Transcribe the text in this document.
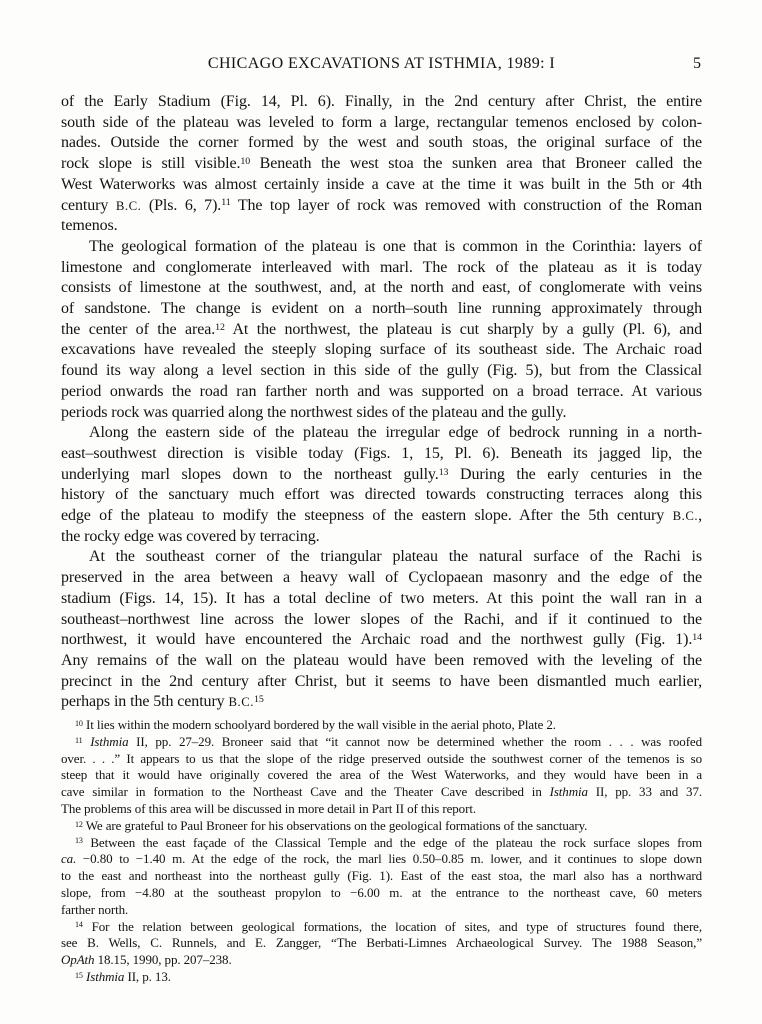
CHICAGO EXCAVATIONS AT ISTHMIA, 1989: I	5
of the Early Stadium (Fig. 14, Pl. 6). Finally, in the 2nd century after Christ, the entire
south side of the plateau was leveled to form a large, rectangular temenos enclosed by colon-
nades. Outside the corner formed by the west and south stoas, the original surface of the
rock slope is still visible.$^{10}$ Beneath the west stoa the sunken area that Broneer called the
West Waterworks was almost certainly inside a cave at the time it was built in the 5th or 4th
century B.C. (Pls. 6, 7).$^{11}$ The top layer of rock was removed with construction of the Roman
temenos.
The geological formation of the plateau is one that is common in the Corinthia: layers of
limestone and conglomerate interleaved with marl. The rock of the plateau as it is today
consists of limestone at the southwest, and, at the north and east, of conglomerate with veins
of sandstone. The change is evident on a north–south line running approximately through
the center of the area.$^{12}$ At the northwest, the plateau is cut sharply by a gully (Pl. 6), and
excavations have revealed the steeply sloping surface of its southeast side. The Archaic road
found its way along a level section in this side of the gully (Fig. 5), but from the Classical
period onwards the road ran farther north and was supported on a broad terrace. At various
periods rock was quarried along the northwest sides of the plateau and the gully.
Along the eastern side of the plateau the irregular edge of bedrock running in a north-
east–southwest direction is visible today (Figs. 1, 15, Pl. 6). Beneath its jagged lip, the
underlying marl slopes down to the northeast gully.$^{13}$ During the early centuries in the
history of the sanctuary much effort was directed towards constructing terraces along this
edge of the plateau to modify the steepness of the eastern slope. After the 5th century B.C.,
the rocky edge was covered by terracing.
At the southeast corner of the triangular plateau the natural surface of the Rachi is
preserved in the area between a heavy wall of Cyclopaean masonry and the edge of the
stadium (Figs. 14, 15). It has a total decline of two meters. At this point the wall ran in a
southeast–northwest line across the lower slopes of the Rachi, and if it continued to the
northwest, it would have encountered the Archaic road and the northwest gully (Fig. 1).$^{14}$
Any remains of the wall on the plateau would have been removed with the leveling of the
precinct in the 2nd century after Christ, but it seems to have been dismantled much earlier,
perhaps in the 5th century B.C.$^{15}$
$^{10}$ It lies within the modern schoolyard bordered by the wall visible in the aerial photo, Plate 2.
$^{11}$ Isthmia II, pp. 27–29. Broneer said that “it cannot now be determined whether the room . . . was roofed
over. . . .” It appears to us that the slope of the ridge preserved outside the southwest corner of the temenos is so
steep that it would have originally covered the area of the West Waterworks, and they would have been in a
cave similar in formation to the Northeast Cave and the Theater Cave described in Isthmia II, pp. 33 and 37.
The problems of this area will be discussed in more detail in Part II of this report.
$^{12}$ We are grateful to Paul Broneer for his observations on the geological formations of the sanctuary.
$^{13}$ Between the east façade of the Classical Temple and the edge of the plateau the rock surface slopes from
ca. −0.80 to −1.40 m. At the edge of the rock, the marl lies 0.50–0.85 m. lower, and it continues to slope down
to the east and northeast into the northeast gully (Fig. 1). East of the east stoa, the marl also has a northward
slope, from −4.80 at the southeast propylon to −6.00 m. at the entrance to the northeast cave, 60 meters
farther north.
$^{14}$ For the relation between geological formations, the location of sites, and type of structures found there,
see B. Wells, C. Runnels, and E. Zangger, “The Berbati-Limnes Archaeological Survey. The 1988 Season,”
OpAth 18.15, 1990, pp. 207–238.
$^{15}$ Isthmia II, p. 13.
